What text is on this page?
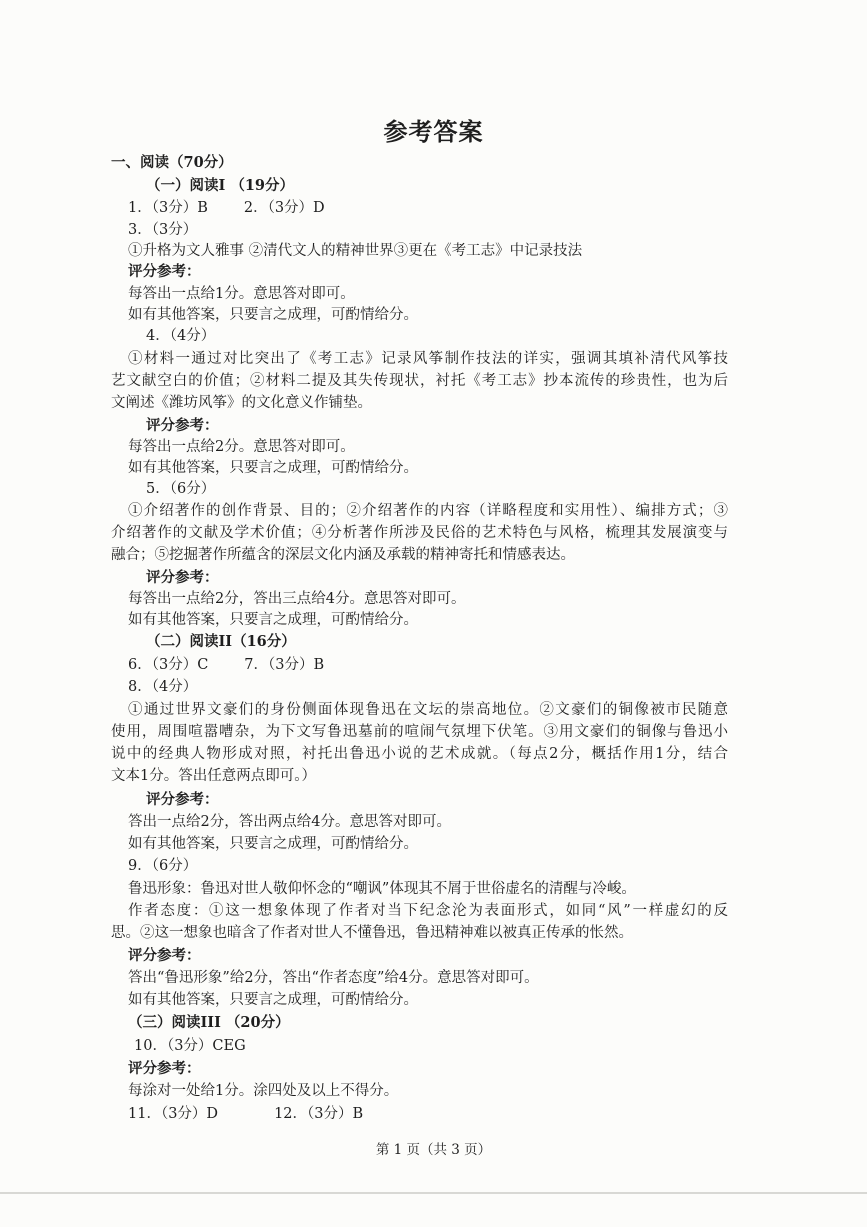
参考答案
一、阅读（70分）
（一）阅读I （19分）
1．（3分）B 2．（3分）D
3．（3分）
①升格为文人雅事 ②清代文人的精神世界③更在《考工志》中记录技法
评分参考：
每答出一点给1分。意思答对即可。
如有其他答案，只要言之成理，可酌情给分。
4．（4分）
①材料一通过对比突出了《考工志》记录风筝制作技法的详实，强调其填补清代风筝技
艺文献空白的价值；②材料二提及其失传现状，衬托《考工志》抄本流传的珍贵性，也为后
文阐述《潍坊风筝》的文化意义作铺垫。
评分参考：
每答出一点给2分。意思答对即可。
如有其他答案，只要言之成理，可酌情给分。
5．（6分）
①介绍著作的创作背景、目的；②介绍著作的内容（详略程度和实用性）、编排方式；③
介绍著作的文献及学术价值；④分析著作所涉及民俗的艺术特色与风格，梳理其发展演变与
融合；⑤挖掘著作所蕴含的深层文化内涵及承载的精神寄托和情感表达。
评分参考：
每答出一点给2分，答出三点给4分。意思答对即可。
如有其他答案，只要言之成理，可酌情给分。
（二）阅读II（16分）
6．（3分）C 7．（3分）B
8．（4分）
①通过世界文豪们的身份侧面体现鲁迅在文坛的崇高地位。②文豪们的铜像被市民随意
使用，周围喧嚣嘈杂，为下文写鲁迅墓前的喧闹气氛埋下伏笔。③用文豪们的铜像与鲁迅小
说中的经典人物形成对照，衬托出鲁迅小说的艺术成就。（每点2分，概括作用1分，结合
文本1分。答出任意两点即可。）
评分参考：
答出一点给2分，答出两点给4分。意思答对即可。
如有其他答案，只要言之成理，可酌情给分。
9．（6分）
鲁迅形象：鲁迅对世人敬仰怀念的“嘲讽”体现其不屑于世俗虚名的清醒与冷峻。
作者态度：①这一想象体现了作者对当下纪念沦为表面形式，如同“风”一样虚幻的反
思。②这一想象也暗含了作者对世人不懂鲁迅，鲁迅精神难以被真正传承的怅然。
评分参考：
答出“鲁迅形象”给2分，答出“作者态度”给4分。意思答对即可。
如有其他答案，只要言之成理，可酌情给分。
（三）阅读III （20分）
10．（3分）CEG
评分参考：
每涂对一处给1分。涂四处及以上不得分。
11．（3分）D	12．（3分）B
第 1 页（共 3 页）
